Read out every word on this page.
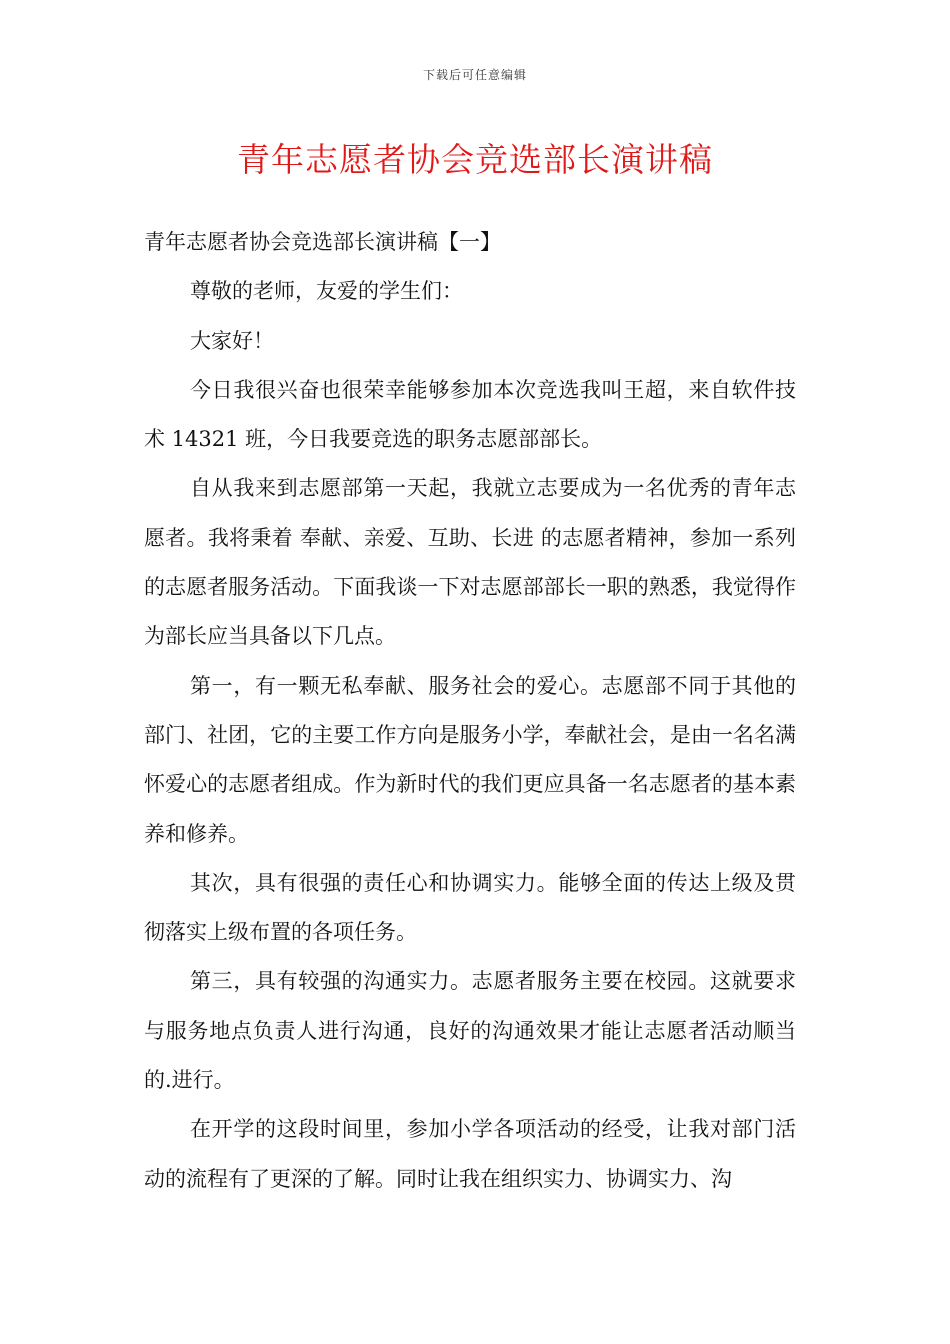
下载后可任意编辑
青年志愿者协会竞选部长演讲稿
青年志愿者协会竞选部长演讲稿【一】

尊敬的老师，友爱的学生们：

大家好！

今日我很兴奋也很荣幸能够参加本次竞选我叫王超，来自软件技术 14321 班，今日我要竞选的职务志愿部部长。

自从我来到志愿部第一天起，我就立志要成为一名优秀的青年志愿者。我将秉着 奉献、亲爱、互助、长进 的志愿者精神，参加一系列的志愿者服务活动。下面我谈一下对志愿部部长一职的熟悉，我觉得作为部长应当具备以下几点。

第一，有一颗无私奉献、服务社会的爱心。志愿部不同于其他的部门、社团，它的主要工作方向是服务小学，奉献社会，是由一名名满怀爱心的志愿者组成。作为新时代的我们更应具备一名志愿者的基本素养和修养。

其次，具有很强的责任心和协调实力。能够全面的传达上级及贯彻落实上级布置的各项任务。

第三，具有较强的沟通实力。志愿者服务主要在校园。这就要求与服务地点负责人进行沟通，良好的沟通效果才能让志愿者活动顺当的.进行。

在开学的这段时间里，参加小学各项活动的经受，让我对部门活动的流程有了更深的了解。同时让我在组织实力、协调实力、沟
